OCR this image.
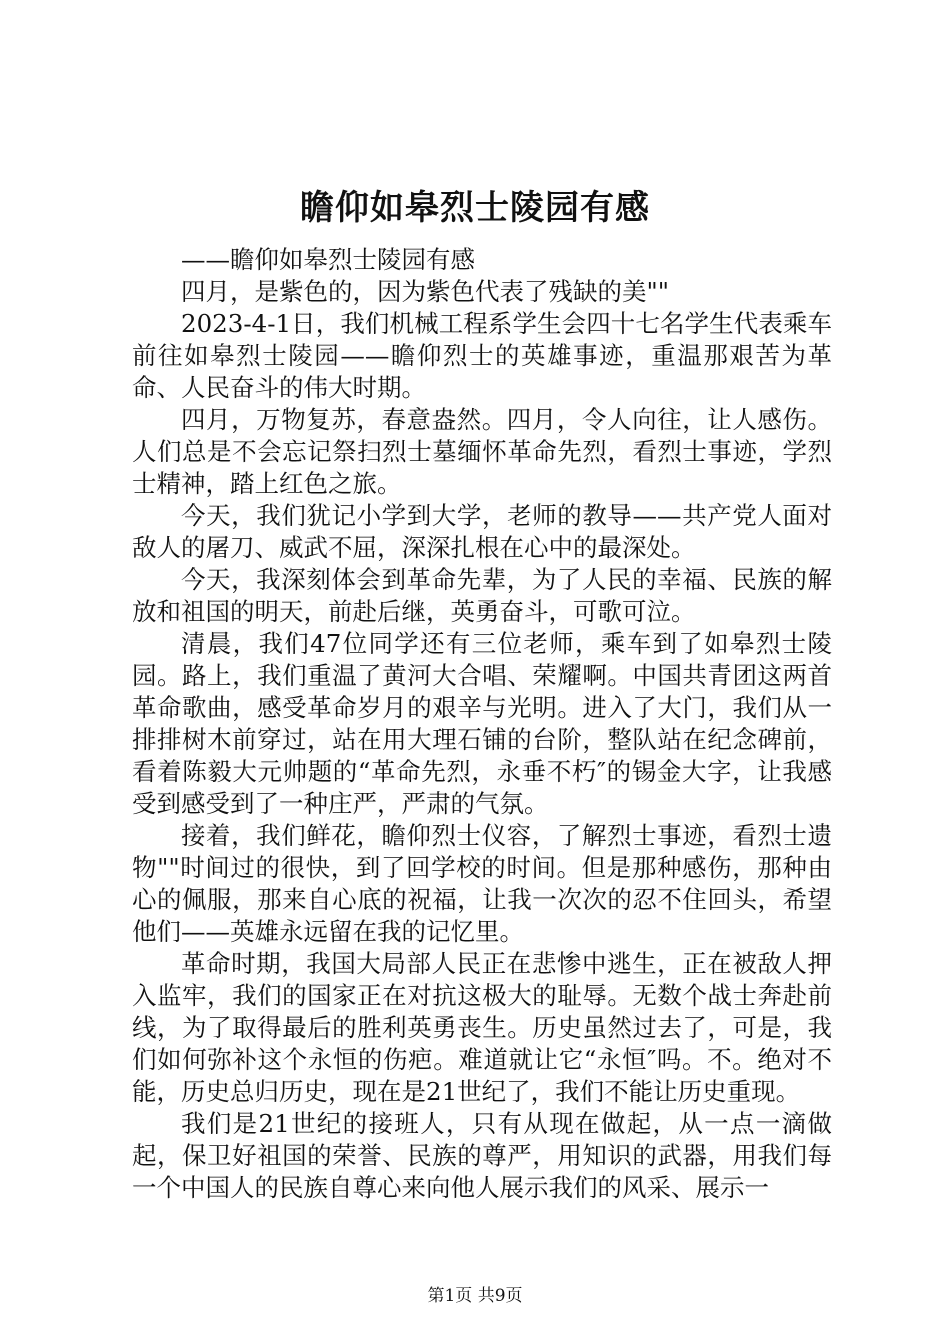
瞻仰如皋烈士陵园有感

——瞻仰如皋烈士陵园有感

四月，是紫色的，因为紫色代表了残缺的美""

2023-4-1日，我们机械工程系学生会四十七名学生代表乘车前往如皋烈士陵园——瞻仰烈士的英雄事迹，重温那艰苦为革命、人民奋斗的伟大时期。

四月，万物复苏，春意盎然。四月，令人向往，让人感伤。人们总是不会忘记祭扫烈士墓缅怀革命先烈，看烈士事迹，学烈士精神，踏上红色之旅。

今天，我们犹记小学到大学，老师的教导——共产党人面对敌人的屠刀、威武不屈，深深扎根在心中的最深处。

今天，我深刻体会到革命先辈，为了人民的幸福、民族的解放和祖国的明天，前赴后继，英勇奋斗，可歌可泣。

清晨，我们47位同学还有三位老师，乘车到了如皋烈士陵园。路上，我们重温了黄河大合唱、荣耀啊。中国共青团这两首革命歌曲，感受革命岁月的艰辛与光明。进入了大门，我们从一排排树木前穿过，站在用大理石铺的台阶，整队站在纪念碑前，看着陈毅大元帅题的“革命先烈，永垂不朽″的锡金大字，让我感受到感受到了一种庄严，严肃的气氛。

接着，我们鲜花，瞻仰烈士仪容，了解烈士事迹，看烈士遗物""时间过的很快，到了回学校的时间。但是那种感伤，那种由心的佩服，那来自心底的祝福，让我一次次的忍不住回头，希望他们——英雄永远留在我的记忆里。

革命时期，我国大局部人民正在悲惨中逃生，正在被敌人押入监牢，我们的国家正在对抗这极大的耻辱。无数个战士奔赴前线，为了取得最后的胜利英勇丧生。历史虽然过去了，可是，我们如何弥补这个永恒的伤疤。难道就让它“永恒″吗。不。绝对不能，历史总归历史，现在是21世纪了，我们不能让历史重现。

我们是21世纪的接班人，只有从现在做起，从一点一滴做起，保卫好祖国的荣誉、民族的尊严，用知识的武器，用我们每一个中国人的民族自尊心来向他人展示我们的风采、展示一

第1页 共9页
